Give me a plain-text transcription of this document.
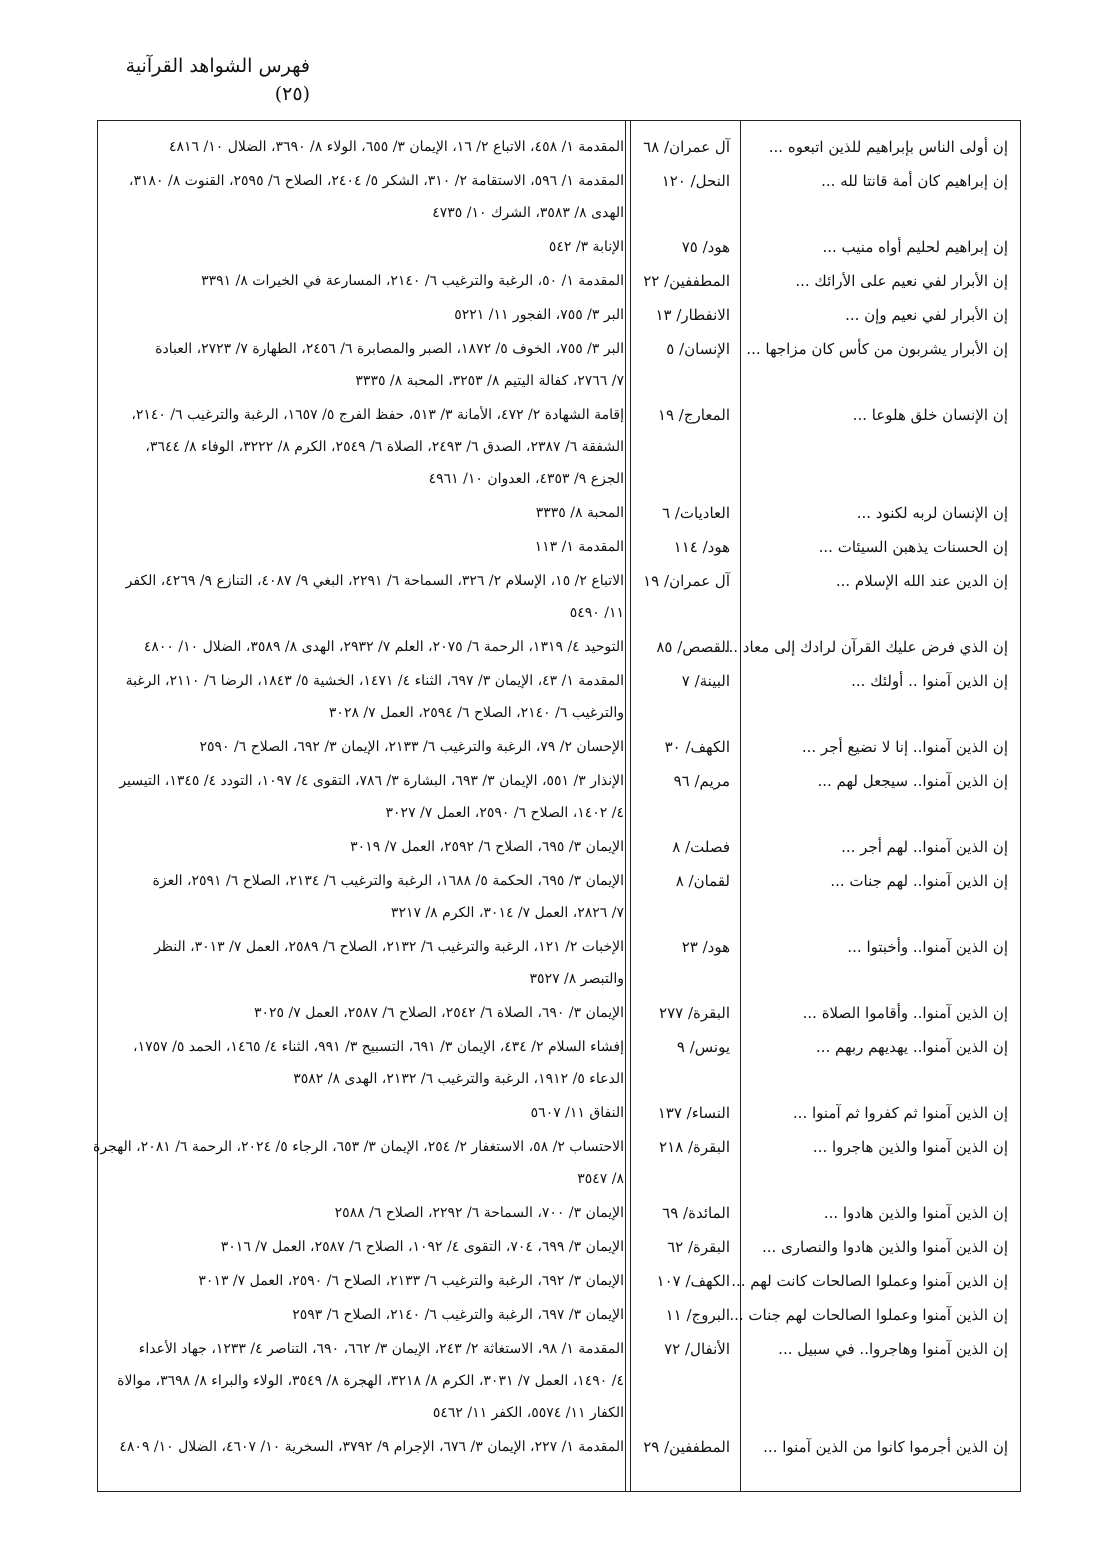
فهرس الشواهد القرآنية (٢٥)
إن أولى الناس بإبراهيم للذين اتبعوه ...
آل عمران/ ٦٨
المقدمة ١/ ٤٥٨، الاتباع ٢/ ١٦، الإيمان ٣/ ٦٥٥، الولاء ٨/ ٣٦٩٠، الضلال ١٠/ ٤٨١٦
إن إبراهيم كان أمة قانتا لله ...
النحل/ ١٢٠
المقدمة ١/ ٥٩٦، الاستقامة ٢/ ٣١٠، الشكر ٥/ ٢٤٠٤، الصلاح ٦/ ٢٥٩٥، القنوت ٨/ ٣١٨٠،
الهدى ٨/ ٣٥٨٣، الشرك ١٠/ ٤٧٣٥
إن إبراهيم لحليم أواه منيب ...
هود/ ٧٥
الإنابة ٣/ ٥٤٢
إن الأبرار لفي نعيم على الأرائك ...
المطففين/ ٢٢
المقدمة ١/ ٥٠، الرغبة والترغيب ٦/ ٢١٤٠، المسارعة في الخيرات ٨/ ٣٣٩١
إن الأبرار لفي نعيم وإن ...
الانفطار/ ١٣
البر ٣/ ٧٥٥، الفجور ١١/ ٥٢٢١
إن الأبرار يشربون من كأس كان مزاجها ...
الإنسان/ ٥
البر ٣/ ٧٥٥، الخوف ٥/ ١٨٧٢، الصبر والمصابرة ٦/ ٢٤٥٦، الطهارة ٧/ ٢٧٢٣، العبادة
٧/ ٢٧٦٦، كفالة اليتيم ٨/ ٣٢٥٣، المحبة ٨/ ٣٣٣٥
إن الإنسان خلق هلوعا ...
المعارج/ ١٩
إقامة الشهادة ٢/ ٤٧٢، الأمانة ٣/ ٥١٣، حفظ الفرج ٥/ ١٦٥٧، الرغبة والترغيب ٦/ ٢١٤٠،
الشفقة ٦/ ٢٣٨٧، الصدق ٦/ ٢٤٩٣، الصلاة ٦/ ٢٥٤٩، الكرم ٨/ ٣٢٢٢، الوفاء ٨/ ٣٦٤٤،
الجزع ٩/ ٤٣٥٣، العدوان ١٠/ ٤٩٦١
إن الإنسان لربه لكنود ...
العاديات/ ٦
المحبة ٨/ ٣٣٣٥
إن الحسنات يذهبن السيئات ...
هود/ ١١٤
المقدمة ١/ ١١٣
إن الدين عند الله الإسلام ...
آل عمران/ ١٩
الاتباع ٢/ ١٥، الإسلام ٢/ ٣٢٦، السماحة ٦/ ٢٢٩١، البغي ٩/ ٤٠٨٧، التنازع ٩/ ٤٢٦٩، الكفر
١١/ ٥٤٩٠
إن الذي فرض عليك القرآن لرادك إلى معاد ...
القصص/ ٨٥
التوحيد ٤/ ١٣١٩، الرحمة ٦/ ٢٠٧٥، العلم ٧/ ٢٩٣٢، الهدى ٨/ ٣٥٨٩، الضلال ١٠/ ٤٨٠٠
إن الذين آمنوا .. أولئك ...
البينة/ ٧
المقدمة ١/ ٤٣، الإيمان ٣/ ٦٩٧، الثناء ٤/ ١٤٧١، الخشية ٥/ ١٨٤٣، الرضا ٦/ ٢١١٠، الرغبة
والترغيب ٦/ ٢١٤٠، الصلاح ٦/ ٢٥٩٤، العمل ٧/ ٣٠٢٨
إن الذين آمنوا.. إنا لا نضيع أجر ...
الكهف/ ٣٠
الإحسان ٢/ ٧٩، الرغبة والترغيب ٦/ ٢١٣٣، الإيمان ٣/ ٦٩٢، الصلاح ٦/ ٢٥٩٠
إن الذين آمنوا.. سيجعل لهم ...
مريم/ ٩٦
الإنذار ٣/ ٥٥١، الإيمان ٣/ ٦٩٣، البشارة ٣/ ٧٨٦، التقوى ٤/ ١٠٩٧، التودد ٤/ ١٣٤٥، التيسير
٤/ ١٤٠٢، الصلاح ٦/ ٢٥٩٠، العمل ٧/ ٣٠٢٧
إن الذين آمنوا.. لهم أجر ...
فصلت/ ٨
الإيمان ٣/ ٦٩٥، الصلاح ٦/ ٢٥٩٢، العمل ٧/ ٣٠١٩
إن الذين آمنوا.. لهم جنات ...
لقمان/ ٨
الإيمان ٣/ ٦٩٥، الحكمة ٥/ ١٦٨٨، الرغبة والترغيب ٦/ ٢١٣٤، الصلاح ٦/ ٢٥٩١، العزة
٧/ ٢٨٢٦، العمل ٧/ ٣٠١٤، الكرم ٨/ ٣٢١٧
إن الذين آمنوا.. وأخبتوا ...
هود/ ٢٣
الإخبات ٢/ ١٢١، الرغبة والترغيب ٦/ ٢١٣٢، الصلاح ٦/ ٢٥٨٩، العمل ٧/ ٣٠١٣، النظر
والتبصر ٨/ ٣٥٢٧
إن الذين آمنوا.. وأقاموا الصلاة ...
البقرة/ ٢٧٧
الإيمان ٣/ ٦٩٠، الصلاة ٦/ ٢٥٤٢، الصلاح ٦/ ٢٥٨٧، العمل ٧/ ٣٠٢٥
إن الذين آمنوا.. يهديهم ربهم ...
يونس/ ٩
إفشاء السلام ٢/ ٤٣٤، الإيمان ٣/ ٦٩١، التسبيح ٣/ ٩٩١، الثناء ٤/ ١٤٦٥، الحمد ٥/ ١٧٥٧،
الدعاء ٥/ ١٩١٢، الرغبة والترغيب ٦/ ٢١٣٢، الهدى ٨/ ٣٥٨٢
إن الذين آمنوا ثم كفروا ثم آمنوا ...
النساء/ ١٣٧
النفاق ١١/ ٥٦٠٧
إن الذين آمنوا والذين هاجروا ...
البقرة/ ٢١٨
الاحتساب ٢/ ٥٨، الاستغفار ٢/ ٢٥٤، الإيمان ٣/ ٦٥٣، الرجاء ٥/ ٢٠٢٤، الرحمة ٦/ ٢٠٨١، الهجرة
٨/ ٣٥٤٧
إن الذين آمنوا والذين هادوا ...
المائدة/ ٦٩
الإيمان ٣/ ٧٠٠، السماحة ٦/ ٢٢٩٢، الصلاح ٦/ ٢٥٨٨
إن الذين آمنوا والذين هادوا والنصارى ...
البقرة/ ٦٢
الإيمان ٣/ ٦٩٩، ٧٠٤، التقوى ٤/ ١٠٩٢، الصلاح ٦/ ٢٥٨٧، العمل ٧/ ٣٠١٦
إن الذين آمنوا وعملوا الصالحات كانت لهم ...
الكهف/ ١٠٧
الإيمان ٣/ ٦٩٢، الرغبة والترغيب ٦/ ٢١٣٣، الصلاح ٦/ ٢٥٩٠، العمل ٧/ ٣٠١٣
إن الذين آمنوا وعملوا الصالحات لهم جنات ...
البروج/ ١١
الإيمان ٣/ ٦٩٧، الرغبة والترغيب ٦/ ٢١٤٠، الصلاح ٦/ ٢٥٩٣
إن الذين آمنوا وهاجروا.. في سبيل ...
الأنفال/ ٧٢
المقدمة ١/ ٩٨، الاستغاثة ٢/ ٢٤٣، الإيمان ٣/ ٦٦٢، ٦٩٠، التناصر ٤/ ١٢٣٣، جهاد الأعداء
٤/ ١٤٩٠، العمل ٧/ ٣٠٣١، الكرم ٨/ ٣٢١٨، الهجرة ٨/ ٣٥٤٩، الولاء والبراء ٨/ ٣٦٩٨، موالاة
الكفار ١١/ ٥٥٧٤، الكفر ١١/ ٥٤٦٢
إن الذين أجرموا كانوا من الذين آمنوا ...
المطففين/ ٢٩
المقدمة ١/ ٢٢٧، الإيمان ٣/ ٦٧٦، الإجرام ٩/ ٣٧٩٢، السخرية ١٠/ ٤٦٠٧، الضلال ١٠/ ٤٨٠٩
